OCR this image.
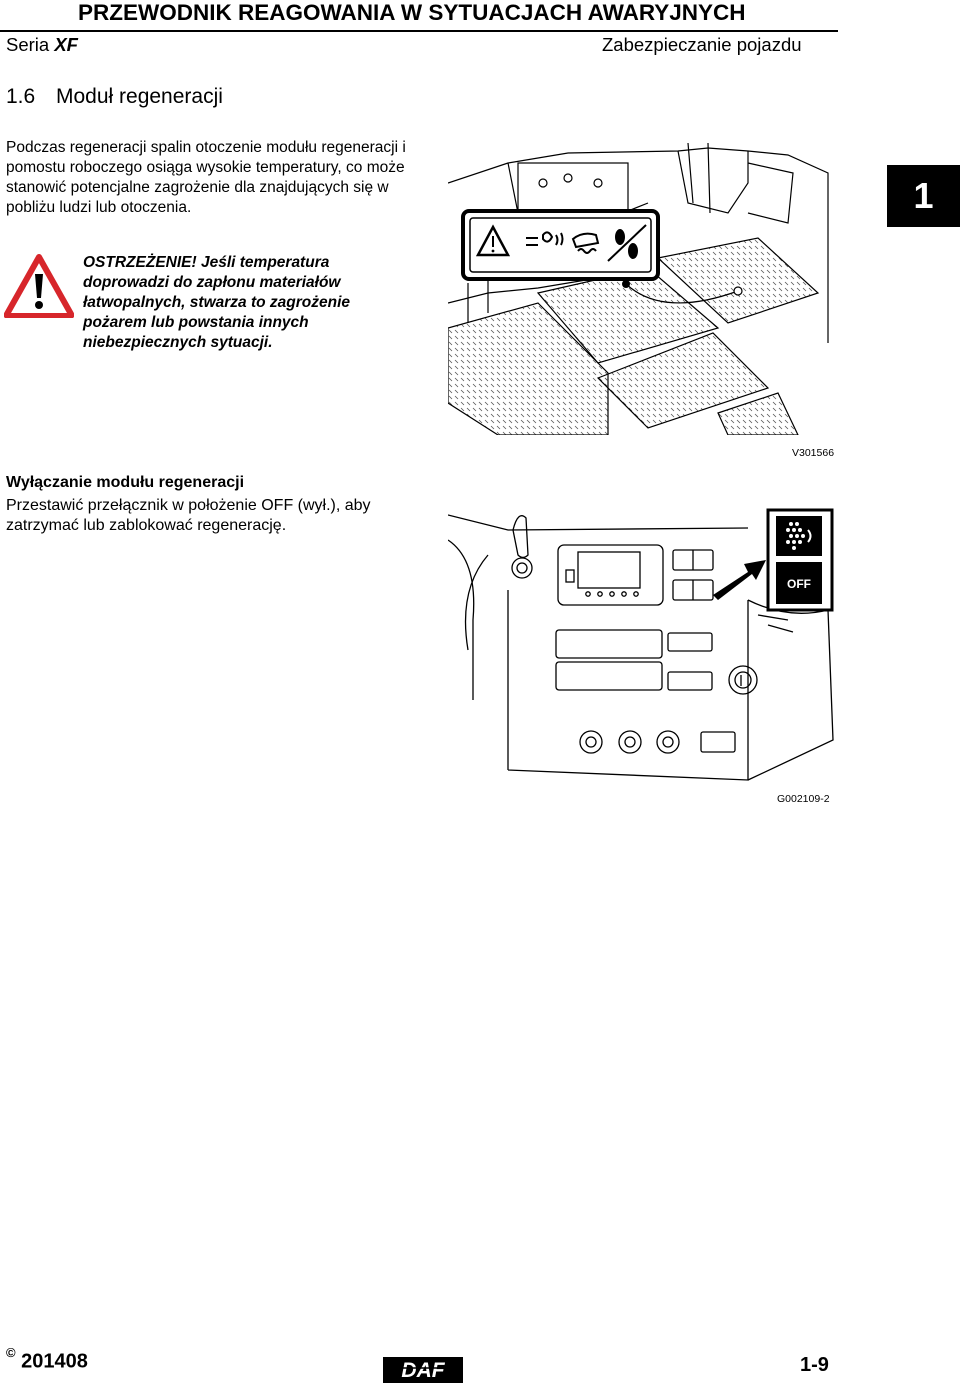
PRZEWODNIK REAGOWANIA W SYTUACJACH AWARYJNYCH
Seria XF	Zabezpieczanie pojazdu
1.6 Moduł regeneracji
Podczas regeneracji spalin otoczenie modułu regeneracji i pomostu roboczego osiąga wysokie temperatury, co może stanowić potencjalne zagrożenie dla znajdujących się w pobliżu ludzi lub otoczenia.
OSTRZEŻENIE! Jeśli temperatura doprowadzi do zapłonu materiałów łatwopalnych, stwarza to zagrożenie pożarem lub powstania innych niebezpiecznych sytuacji.
1
V301566
Wyłączanie modułu regeneracji
Przestawić przełącznik w położenie OFF (wył.), aby zatrzymać lub zablokować regenerację.
OFF
G002109-2
© 201408	DAF	1-9
